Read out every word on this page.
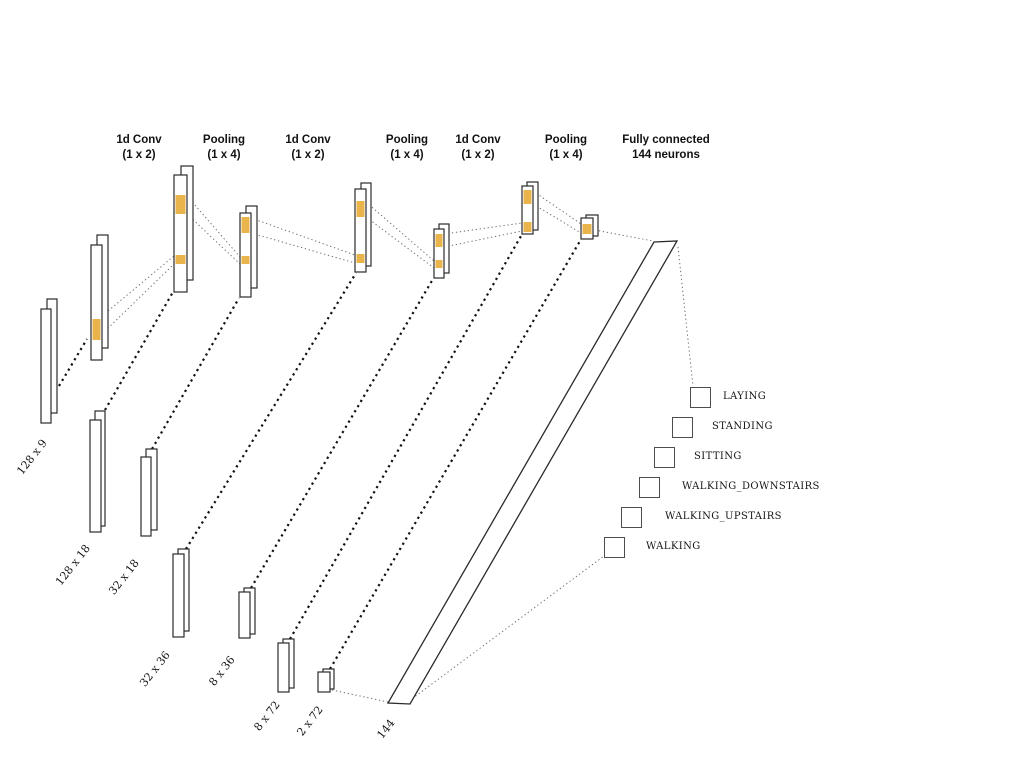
1d Conv
(1 x 2)
Pooling
(1 x 4)
1d Conv
(1 x 2)
Pooling
(1 x 4)
1d Conv
(1 x 2)
Pooling
(1 x 4)
Fully connected
144 neurons
128 x 9
128 x 18 32 x 18
32 x 36	8 x 36
8 x 72 2 x 72	144
LAYING
STANDING
SITTING
WALKING_DOWNSTAIRS
WALKING_UPSTAIRS
WALKING
